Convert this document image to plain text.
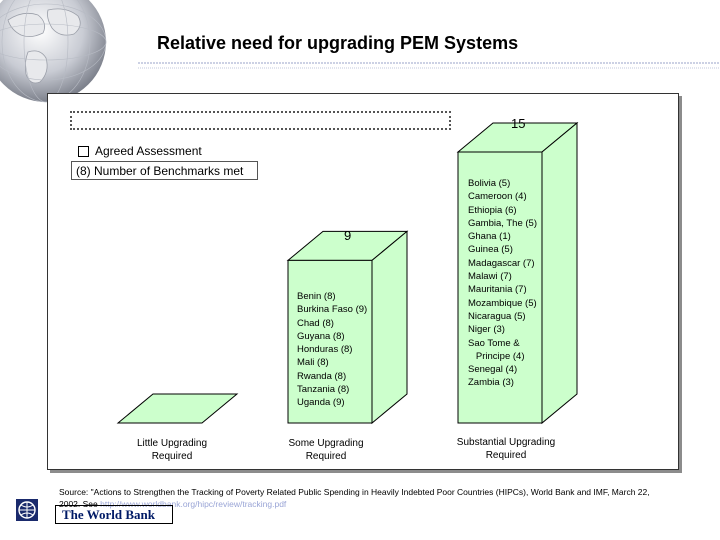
Relative need for upgrading PEM Systems
Agreed Assessment
(8) Number of Benchmarks met
9
15
Benin (8)
Burkina Faso (9)
Chad (8)
Guyana (8)
Honduras (8)
Mali (8)
Rwanda (8)
Tanzania (8)
Uganda (9)
Bolivia (5)
Cameroon (4)
Ethiopia (6)
Gambia, The (5)
Ghana (1)
Guinea (5)
Madagascar (7)
Malawi (7)
Mauritania (7)
Mozambique (5)
Nicaragua (5)
Niger (3)
Sao Tome &
Principe (4)
Senegal (4)
Zambia (3)
Little Upgrading
Required
Some Upgrading
Required
Substantial Upgrading
Required
Source: "Actions to Strengthen the Tracking of Poverty Related Public Spending in Heavily Indebted Poor Countries (HIPCs), World Bank and IMF, March 22, 2002. See http://www.worldbank.org/hipc/review/tracking.pdf
The World Bank
